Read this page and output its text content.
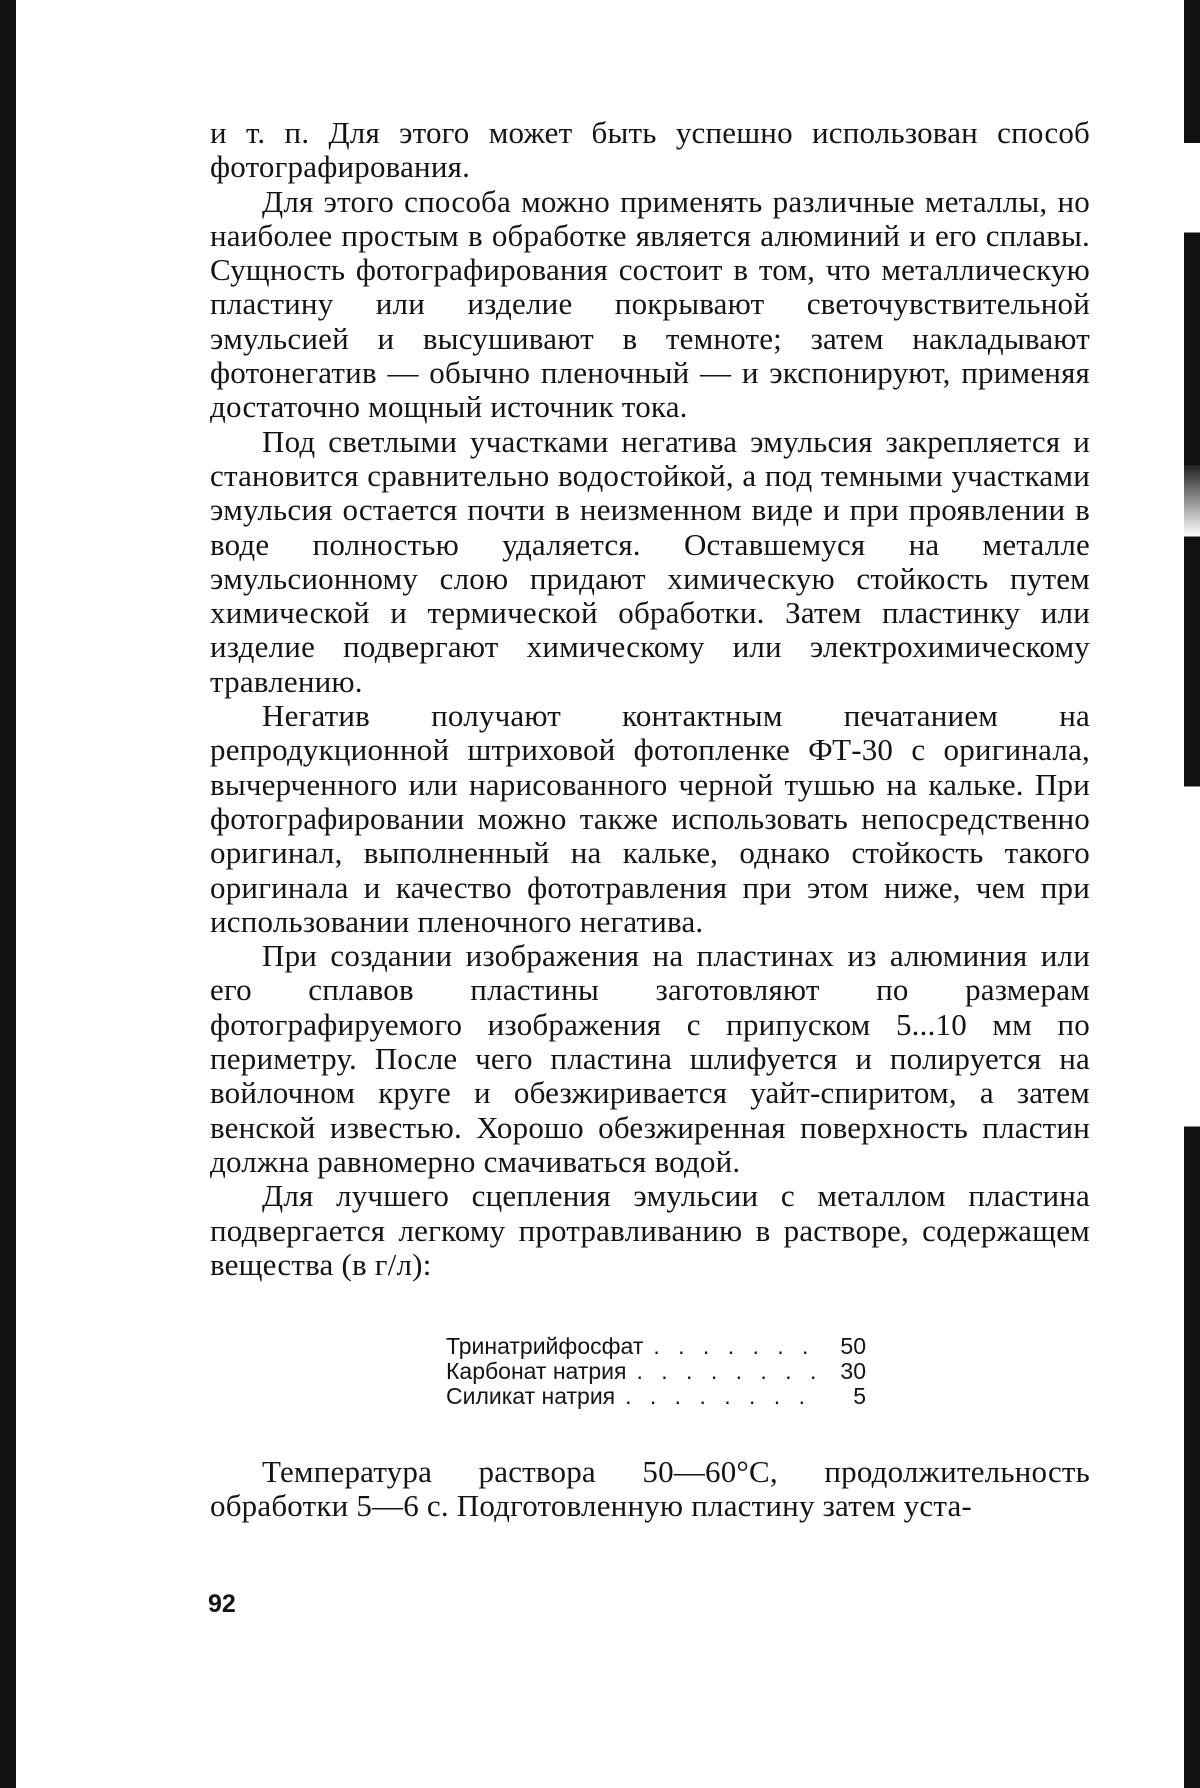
и т. п. Для этого может быть успешно использован способ фотографирования.

Для этого способа можно применять различные металлы, но наиболее простым в обработке является алюминий и его сплавы. Сущность фотографирования состоит в том, что металлическую пластину или изделие покрывают светочувствительной эмульсией и высушивают в темноте; затем накладывают фотонегатив — обычно пленочный — и экспонируют, применяя достаточно мощный источник тока.

Под светлыми участками негатива эмульсия закрепляется и становится сравнительно водостойкой, а под темными участками эмульсия остается почти в неизменном виде и при проявлении в воде полностью удаляется. Оставшемуся на металле эмульсионному слою придают химическую стойкость путем химической и термической обработки. Затем пластинку или изделие подвергают химическому или электрохимическому травлению.

Негатив получают контактным печатанием на репродукционной штриховой фотопленке ФТ-30 с оригинала, вычерченного или нарисованного черной тушью на кальке. При фотографировании можно также использовать непосредственно оригинал, выполненный на кальке, однако стойкость такого оригинала и качество фототравления при этом ниже, чем при использовании пленочного негатива.

При создании изображения на пластинах из алюминия или его сплавов пластины заготовляют по размерам фотографируемого изображения с припуском 5...10 мм по периметру. После чего пластина шлифуется и полируется на войлочном круге и обезжиривается уайт-спиритом, а затем венской известью. Хорошо обезжиренная поверхность пластин должна равномерно смачиваться водой.

Для лучшего сцепления эмульсии с металлом пластина подвергается легкому протравливанию в растворе, содержащем вещества (в г/л):

Тринатрийфосфат . . .	50
Карбонат натрия . . .	30
Силикат натрия . . .	5

Температура раствора 50—60°С, продолжительность обработки 5—6 с. Подготовленную пластину затем уста-

92
